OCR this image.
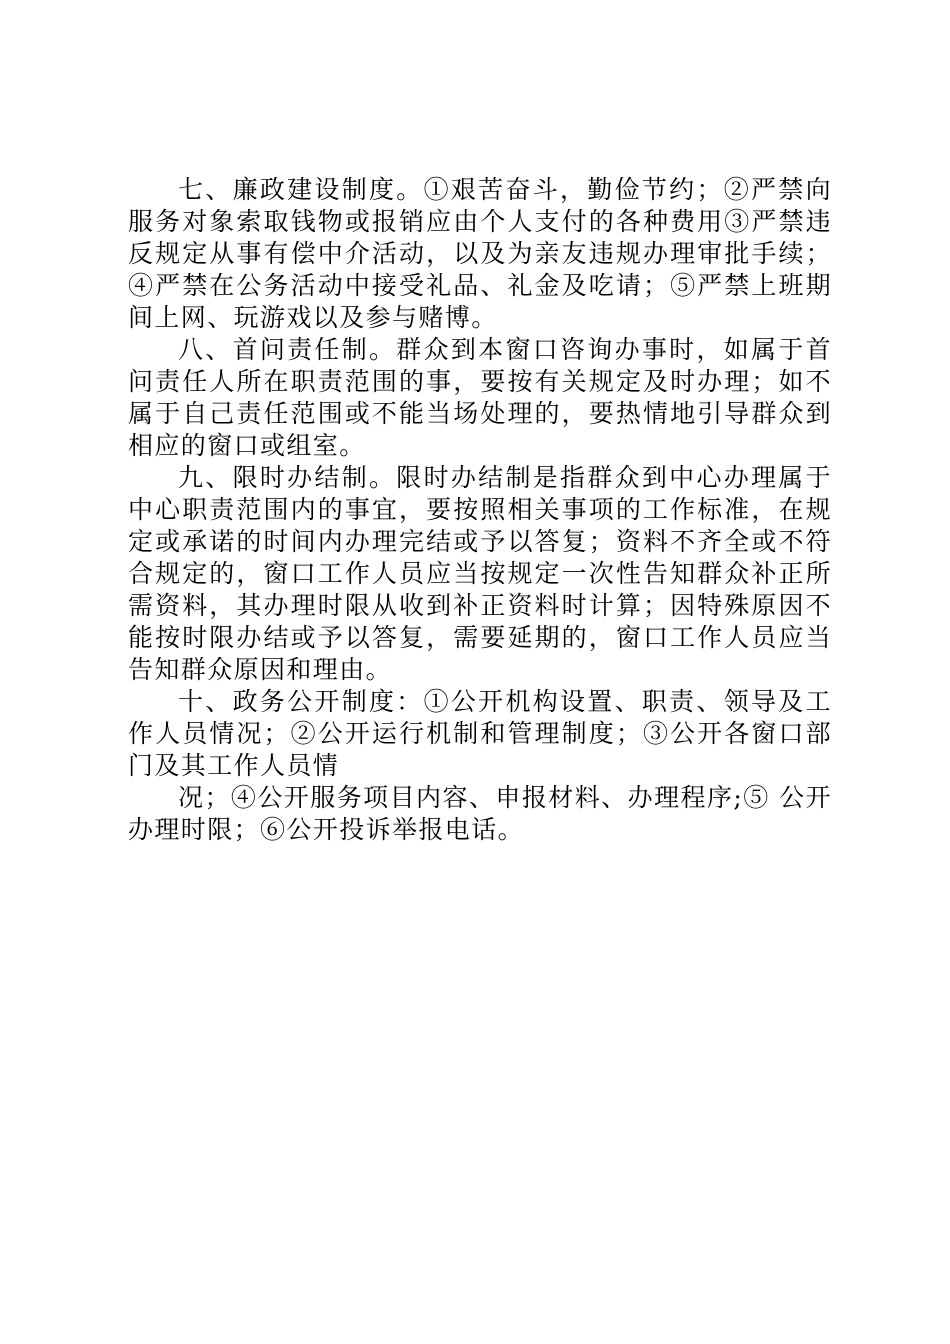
七、廉政建设制度。①艰苦奋斗，勤俭节约；②严禁向服务对象索取钱物或报销应由个人支付的各种费用③严禁违反规定从事有偿中介活动，以及为亲友违规办理审批手续；④严禁在公务活动中接受礼品、礼金及吃请；⑤严禁上班期间上网、玩游戏以及参与赌博。

八、首问责任制。群众到本窗口咨询办事时，如属于首问责任人所在职责范围的事，要按有关规定及时办理；如不属于自己责任范围或不能当场处理的，要热情地引导群众到相应的窗口或组室。

九、限时办结制。限时办结制是指群众到中心办理属于中心职责范围内的事宜，要按照相关事项的工作标准，在规定或承诺的时间内办理完结或予以答复；资料不齐全或不符合规定的，窗口工作人员应当按规定一次性告知群众补正所需资料，其办理时限从收到补正资料时计算；因特殊原因不能按时限办结或予以答复，需要延期的，窗口工作人员应当告知群众原因和理由。

十、政务公开制度：①公开机构设置、职责、领导及工作人员情况；②公开运行机制和管理制度；③公开各窗口部门及其工作人员情

况；④公开服务项目内容、申报材料、办理程序;⑤ 公开办理时限；⑥公开投诉举报电话。
